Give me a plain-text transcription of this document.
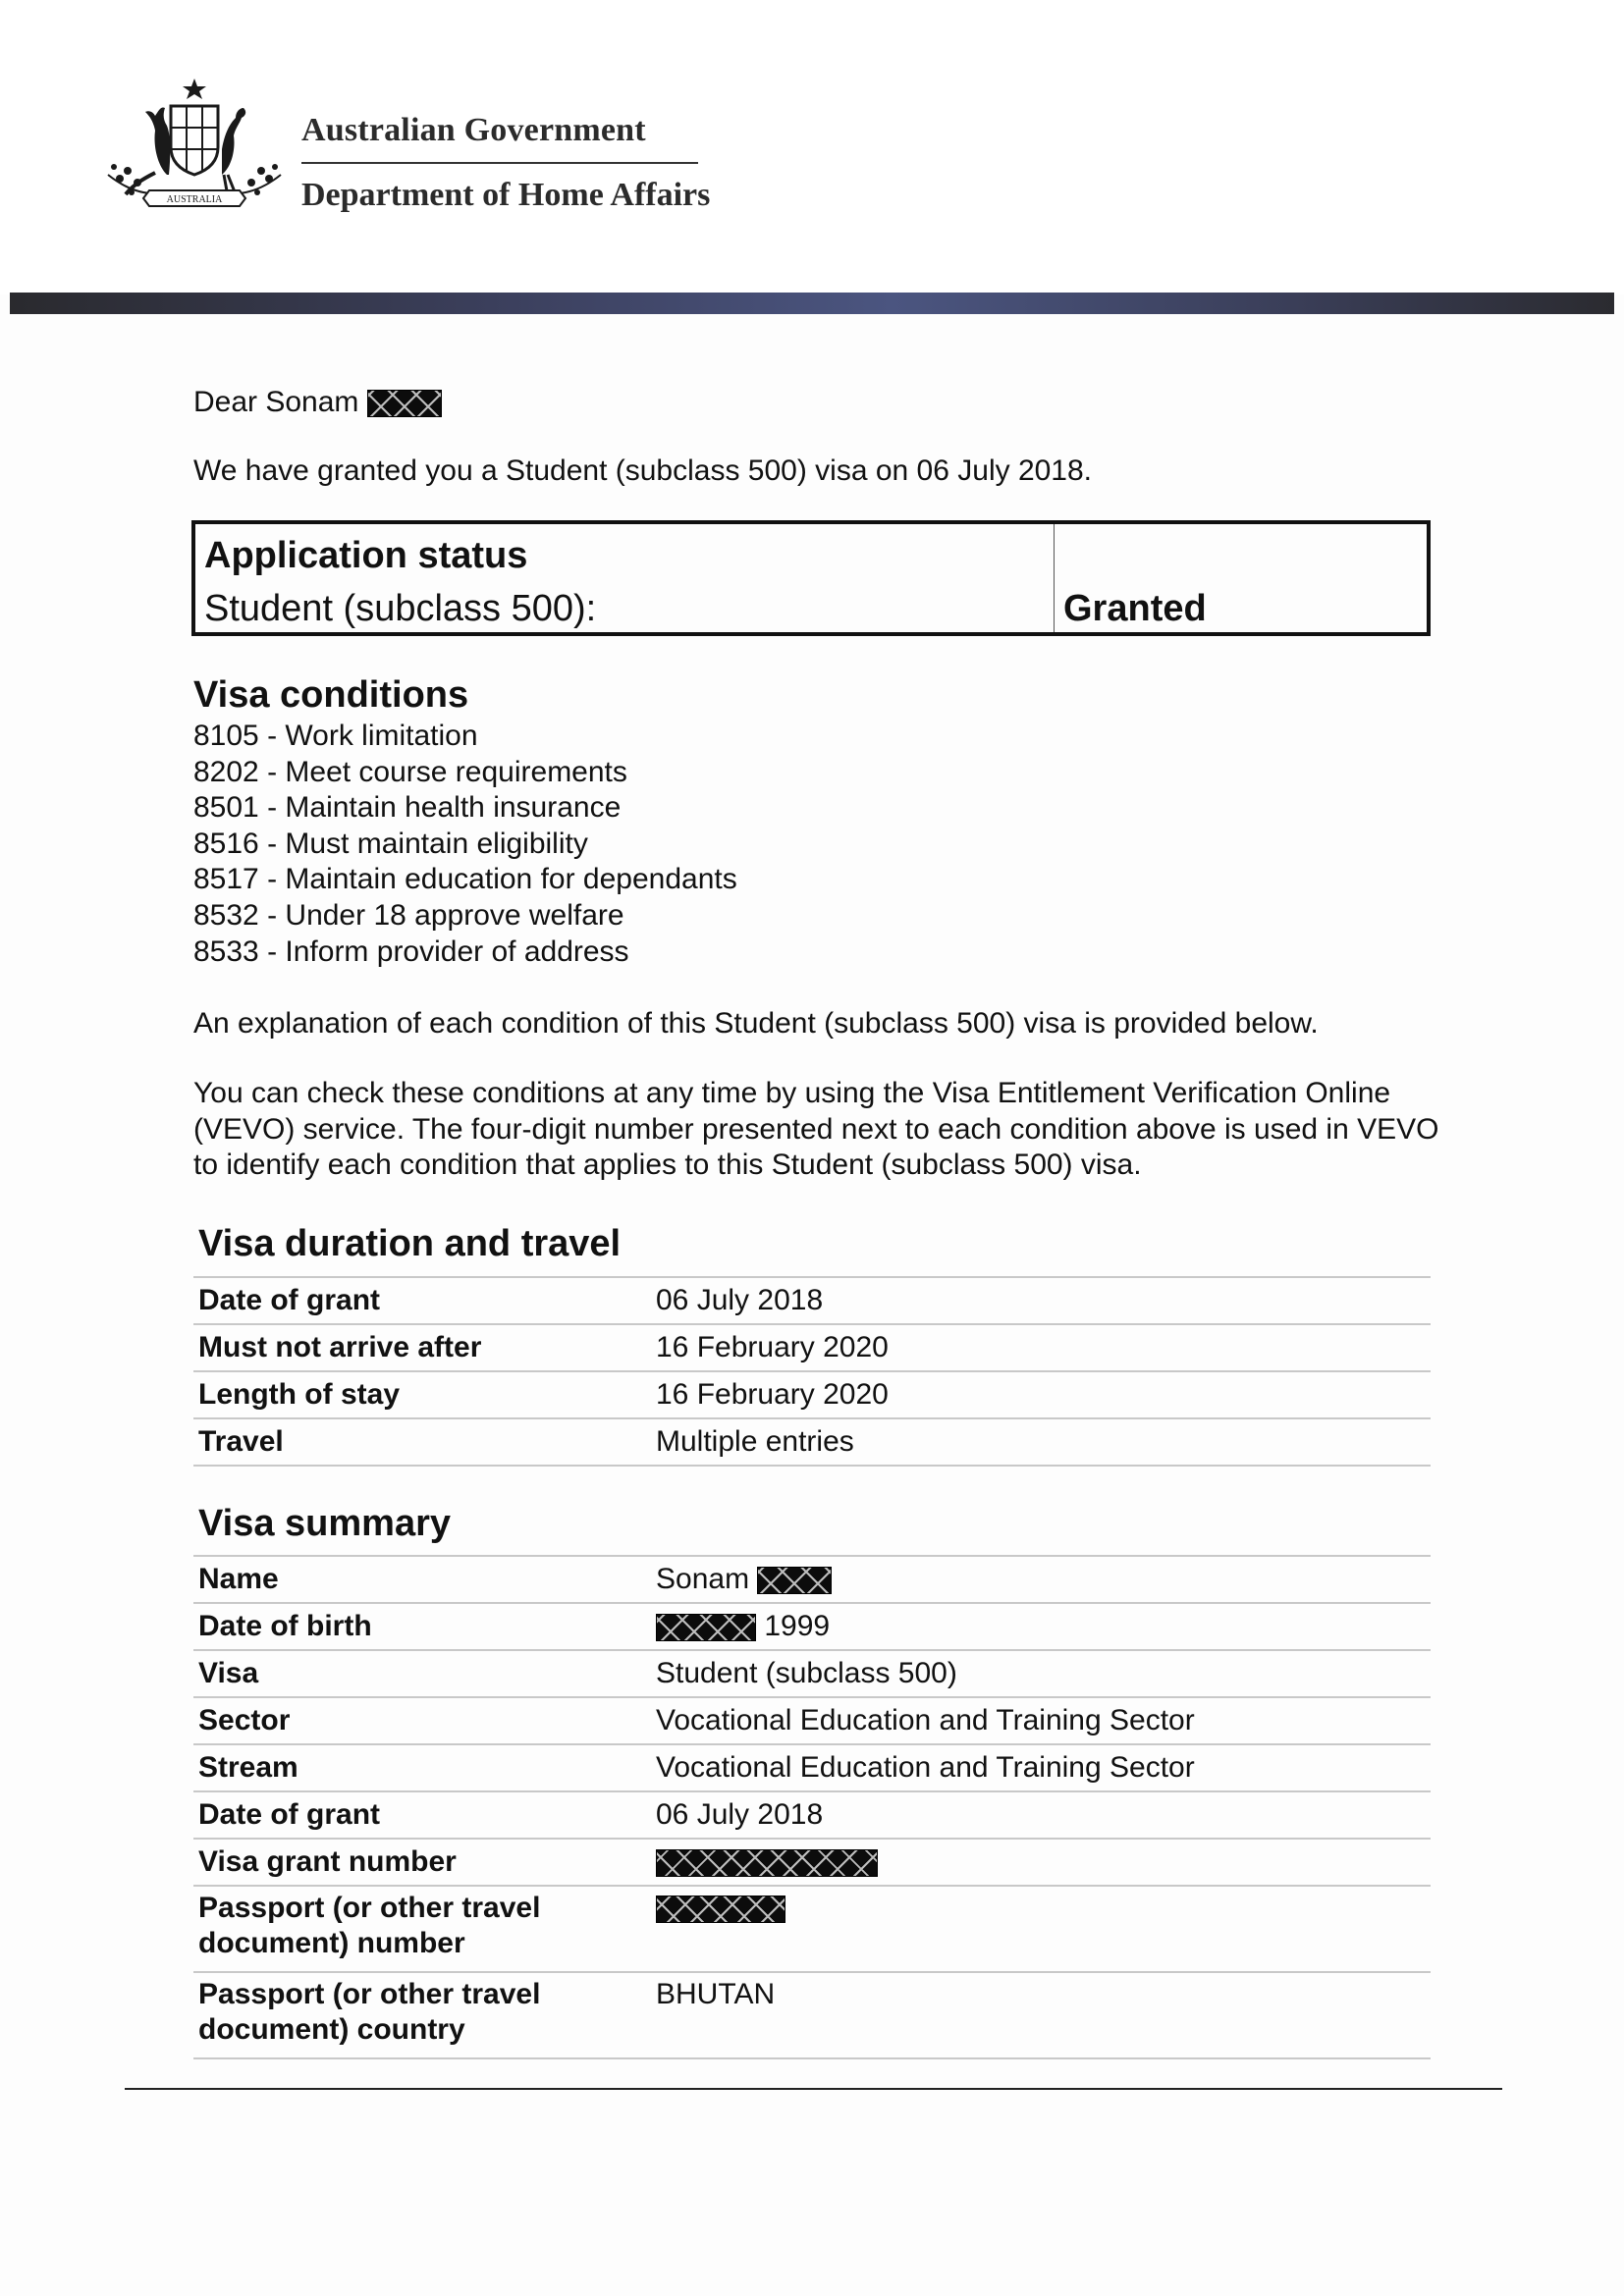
AUSTRALIA
Australian Government
Department of Home Affairs
Dear Sonam
We have granted you a Student (subclass 500) visa on 06 July 2018.
Application status
Student (subclass 500):	Granted
Visa conditions
8105 - Work limitation
8202 - Meet course requirements
8501 - Maintain health insurance
8516 - Must maintain eligibility
8517 - Maintain education for dependants
8532 - Under 18 approve welfare
8533 - Inform provider of address
An explanation of each condition of this Student (subclass 500) visa is provided below.
You can check these conditions at any time by using the Visa Entitlement Verification Online (VEVO) service. The four-digit number presented next to each condition above is used in VEVO to identify each condition that applies to this Student (subclass 500) visa.
Visa duration and travel
Date of grant	06 July 2018
Must not arrive after	16 February 2020
Length of stay	16 February 2020
Travel	Multiple entries
Visa summary
Name	Sonam
Date of birth	1999
Visa	Student (subclass 500)
Sector	Vocational Education and Training Sector
Stream	Vocational Education and Training Sector
Date of grant	06 July 2018
Visa grant number	
Passport (or other travel document) number	
Passport (or other travel document) country	BHUTAN
